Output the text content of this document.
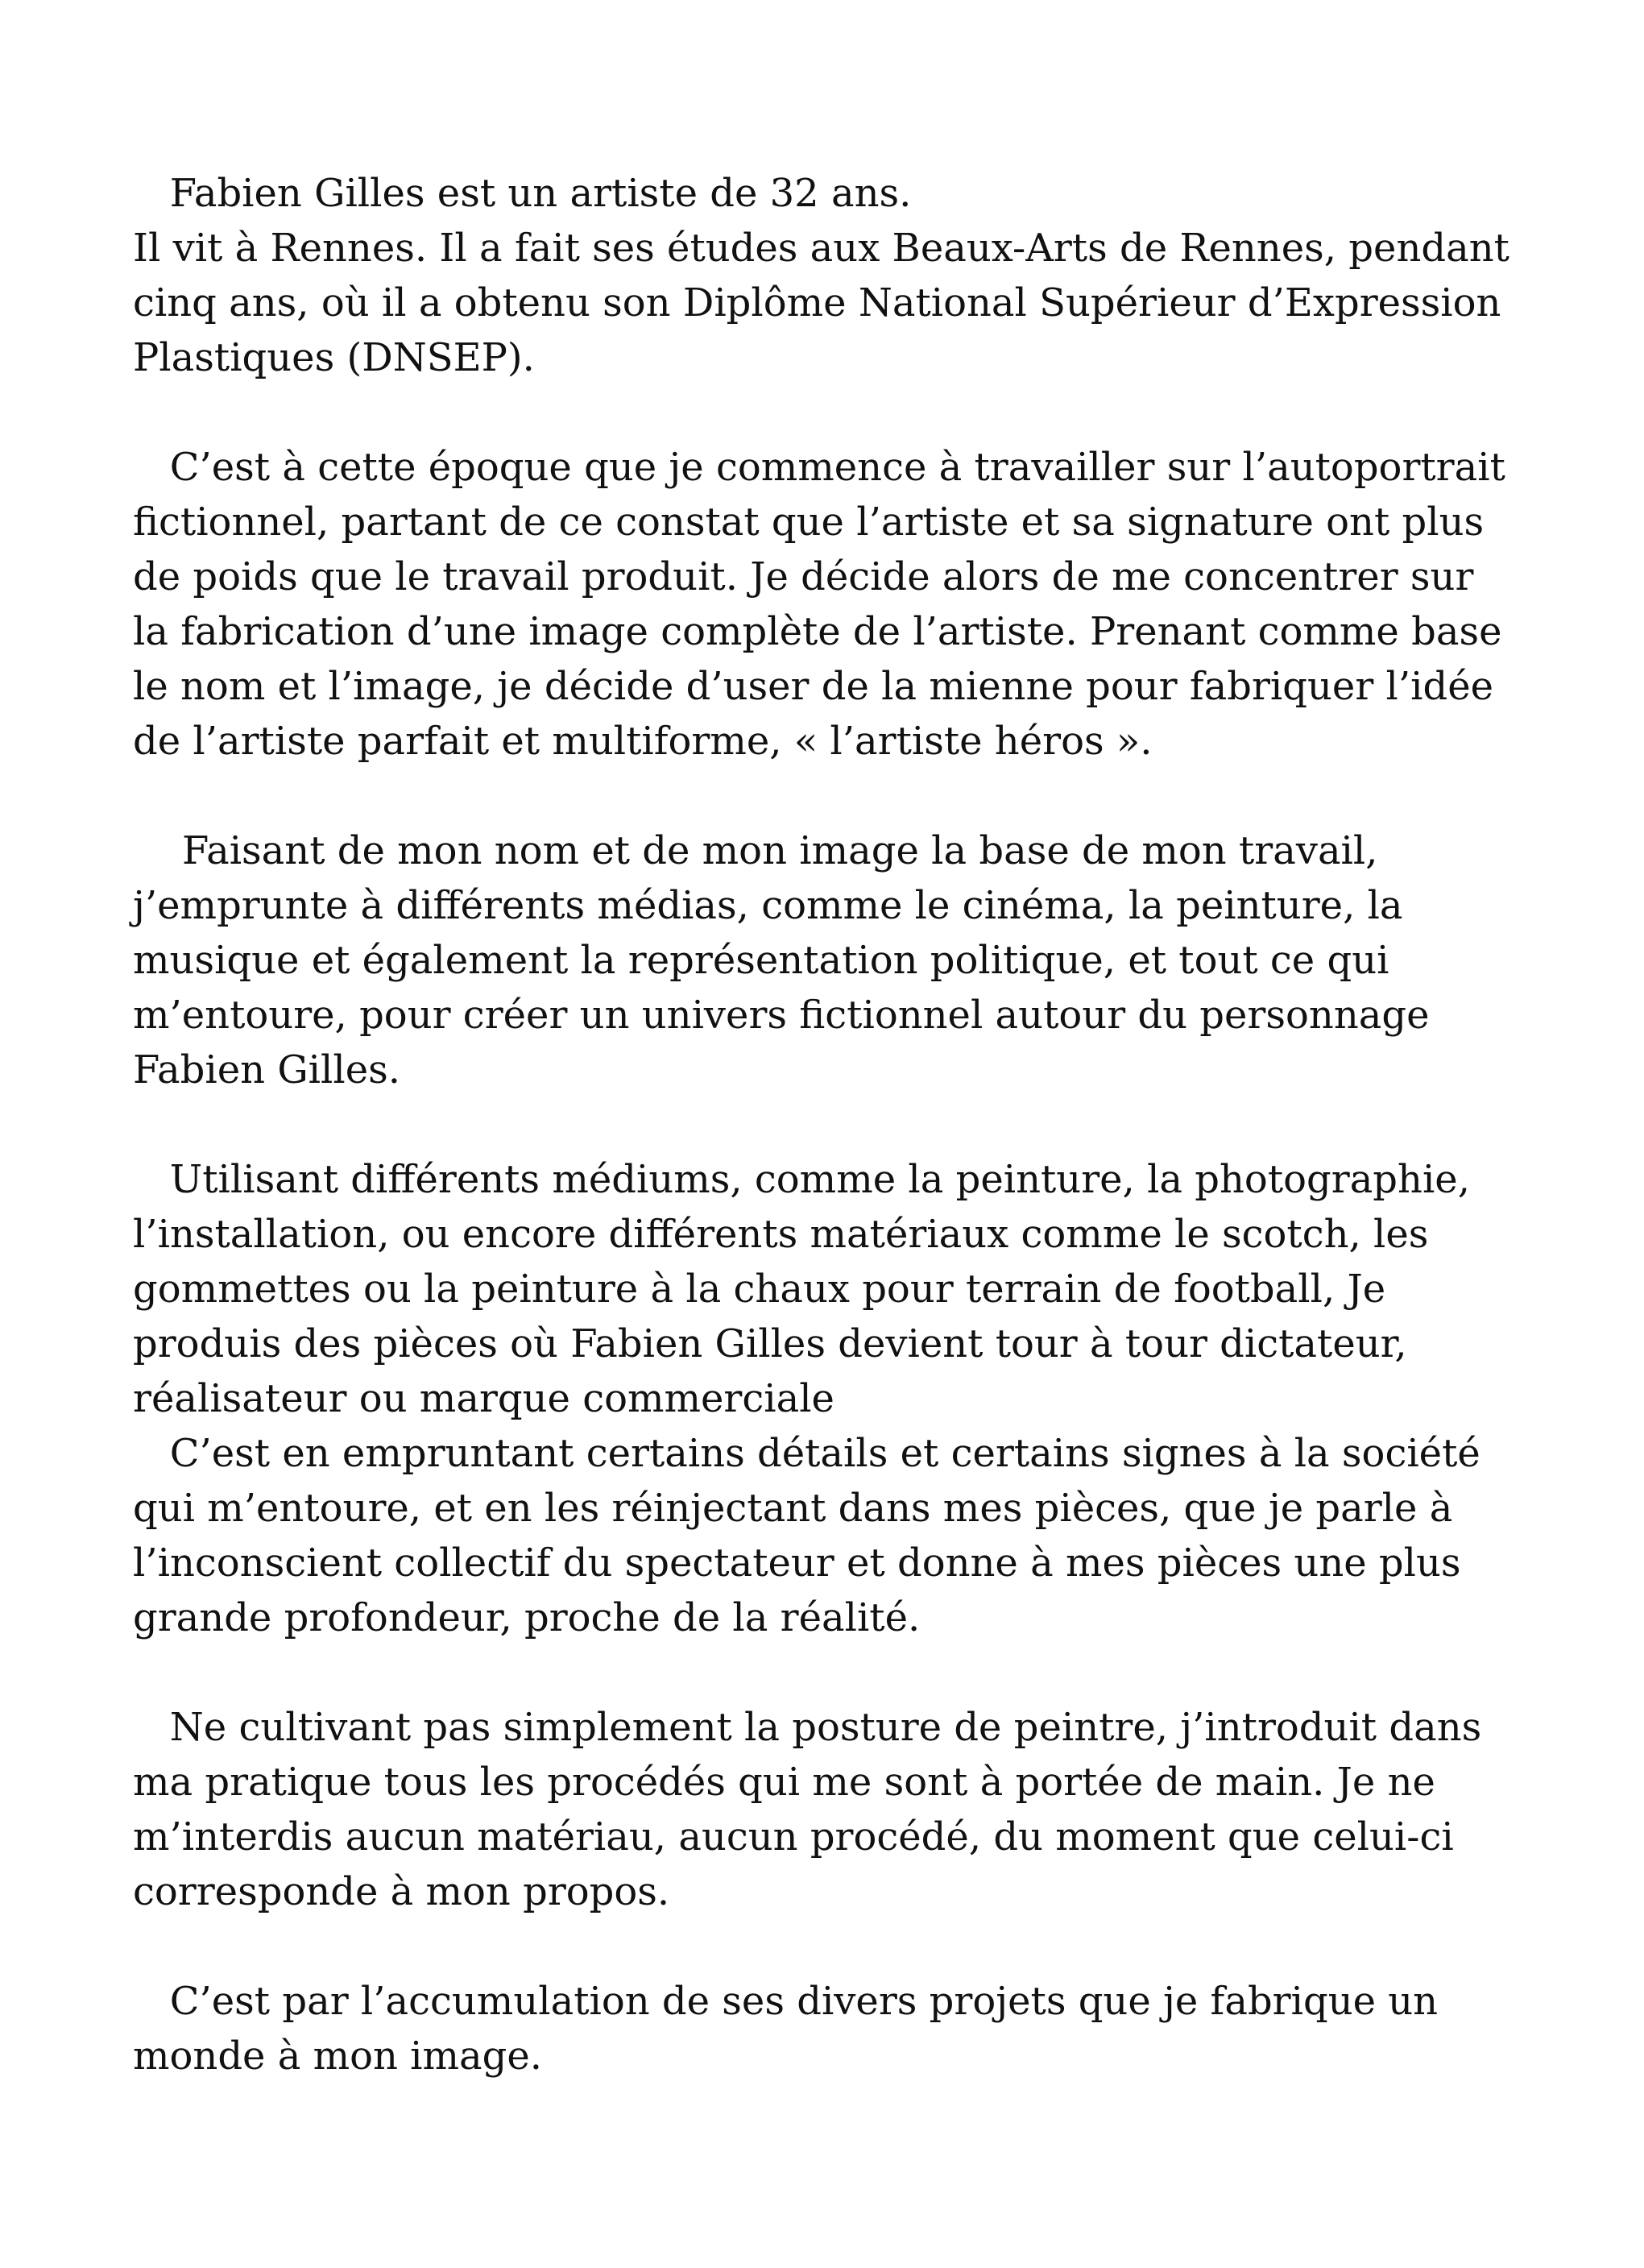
Fabien Gilles est un artiste de 32 ans.
Il vit à Rennes. Il a fait ses études aux Beaux-Arts de Rennes, pendant
cinq ans, où il a obtenu son Diplôme National Supérieur d’Expression
Plastiques (DNSEP).
C’est à cette époque que je commence à travailler sur l’autoportrait
fictionnel, partant de ce constat que l’artiste et sa signature ont plus
de poids que le travail produit. Je décide alors de me concentrer sur
la fabrication d’une image complète de l’artiste. Prenant comme base
le nom et l’image, je décide d’user de la mienne pour fabriquer l’idée
de l’artiste parfait et multiforme, « l’artiste héros ».
Faisant de mon nom et de mon image la base de mon travail,
j’emprunte à différents médias, comme le cinéma, la peinture, la
musique et également la représentation politique, et tout ce qui
m’entoure, pour créer un univers fictionnel autour du personnage
Fabien Gilles.
Utilisant différents médiums, comme la peinture, la photographie,
l’installation, ou encore différents matériaux comme le scotch, les
gommettes ou la peinture à la chaux pour terrain de football, Je
produis des pièces où Fabien Gilles devient tour à tour dictateur,
réalisateur ou marque commerciale
C’est en empruntant certains détails et certains signes à la société
qui m’entoure, et en les réinjectant dans mes pièces, que je parle à
l’inconscient collectif du spectateur et donne à mes pièces une plus
grande profondeur, proche de la réalité.
Ne cultivant pas simplement la posture de peintre, j’introduit dans
ma pratique tous les procédés qui me sont à portée de main. Je ne
m’interdis aucun matériau, aucun procédé, du moment que celui-ci
corresponde à mon propos.
C’est par l’accumulation de ses divers projets que je fabrique un
monde à mon image.
